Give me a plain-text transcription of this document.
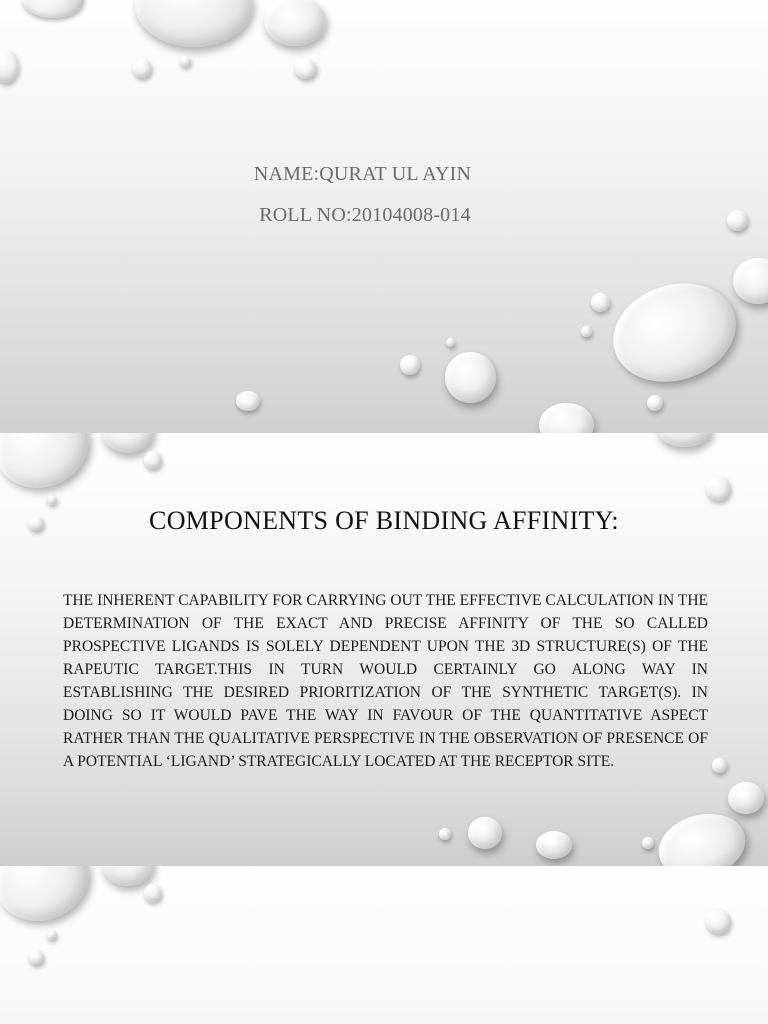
NAME:QURAT UL AYIN
ROLL NO:20104008-014
COMPONENTS OF BINDING AFFINITY:
THE INHERENT CAPABILITY FOR CARRYING OUT THE EFFECTIVE CALCULATION IN THE DETERMINATION OF THE EXACT AND PRECISE AFFINITY OF THE SO CALLED PROSPECTIVE LIGANDS IS SOLELY DEPENDENT UPON THE 3D STRUCTURE(S) OF THE RAPEUTIC TARGET.THIS IN TURN WOULD CERTAINLY GO ALONG WAY IN ESTABLISHING THE DESIRED PRIORITIZATION OF THE SYNTHETIC TARGET(S). IN DOING SO IT WOULD PAVE THE WAY IN FAVOUR OF THE QUANTITATIVE ASPECT RATHER THAN THE QUALITATIVE PERSPECTIVE IN THE OBSERVATION OF PRESENCE OF A POTENTIAL ‘LIGAND’ STRATEGICALLY LOCATED AT THE RECEPTOR SITE.
